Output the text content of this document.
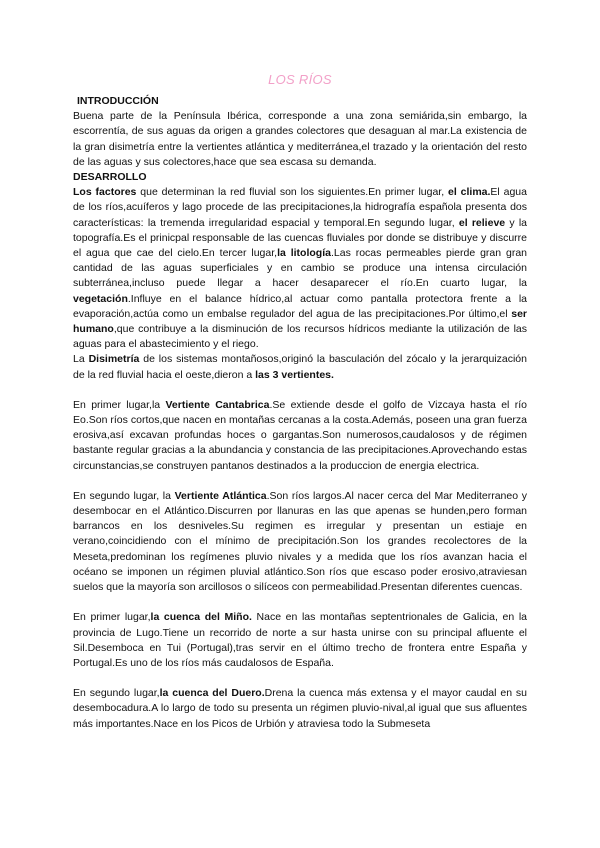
LOS RÍOS

INTRODUCCIÓN

Buena parte de la Península Ibérica, corresponde a una zona semiárida,sin embargo, la escorrentía, de sus aguas da origen a grandes colectores que desaguan al mar.La existencia de la gran disimetría entre la vertientes atlántica y mediterránea,el trazado y la orientación del resto de las aguas y sus colectores,hace que sea escasa su demanda.

DESARROLLO

Los factores que determinan la red fluvial son los siguientes.En primer lugar, el clima.El agua de los ríos,acuíferos y lago procede de las precipitaciones,la hidrografía española presenta dos características: la tremenda irregularidad espacial y temporal.En segundo lugar, el relieve y la topografía.Es el prinicpal responsable de las cuencas fluviales por donde se distribuye y discurre el agua que cae del cielo.En tercer lugar,la litología.Las rocas permeables pierde gran gran cantidad de las aguas superficiales y en cambio se produce una intensa circulación subterránea,incluso puede llegar a hacer desaparecer el río.En cuarto lugar, la vegetación.Influye en el balance hídrico,al actuar como pantalla protectora frente a la evaporación,actúa como un embalse regulador del agua de las precipitaciones.Por último,el ser humano,que contribuye a la disminución de los recursos hídricos mediante la utilización de las aguas para el abastecimiento y el riego.

La Disimetría de los sistemas montañosos,originó la basculación del zócalo y la jerarquización de la red fluvial hacia el oeste,dieron a las 3 vertientes.

En primer lugar,la Vertiente Cantabrica.Se extiende desde el golfo de Vizcaya hasta el río Eo.Son ríos cortos,que nacen en montañas cercanas a la costa.Además, poseen una gran fuerza erosiva,así excavan profundas hoces o gargantas.Son numerosos,caudalosos y de régimen bastante regular gracias a la abundancia y constancia de las precipitaciones.Aprovechando estas circunstancias,se construyen pantanos destinados a la produccion de energia electrica.

En segundo lugar, la Vertiente Atlántica.Son ríos largos.Al nacer cerca del Mar Mediterraneo y desembocar en el Atlántico.Discurren por llanuras en las que apenas se hunden,pero forman barrancos en los desniveles.Su regimen es irregular y presentan un estiaje en verano,coincidiendo con el mínimo de precipitación.Son los grandes recolectores de la Meseta,predominan los regímenes pluvio nivales y a medida que los ríos avanzan hacia el océano se imponen un régimen pluvial atlántico.Son ríos que escaso poder erosivo,atraviesan suelos que la mayoría son arcillosos o silíceos con permeabilidad.Presentan diferentes cuencas.

En primer lugar,la cuenca del Miño. Nace en las montañas septentrionales de Galicia, en la provincia de Lugo.Tiene un recorrido de norte a sur hasta unirse con su principal afluente el Sil.Desemboca en Tui (Portugal),tras servir en el último trecho de frontera entre España y Portugal.Es uno de los ríos más caudalosos de España.

En segundo lugar,la cuenca del Duero.Drena la cuenca más extensa y el mayor caudal en su desembocadura.A lo largo de todo su presenta un régimen pluvio-nival,al igual que sus afluentes más importantes.Nace en los Picos de Urbión y atraviesa todo la Submeseta
